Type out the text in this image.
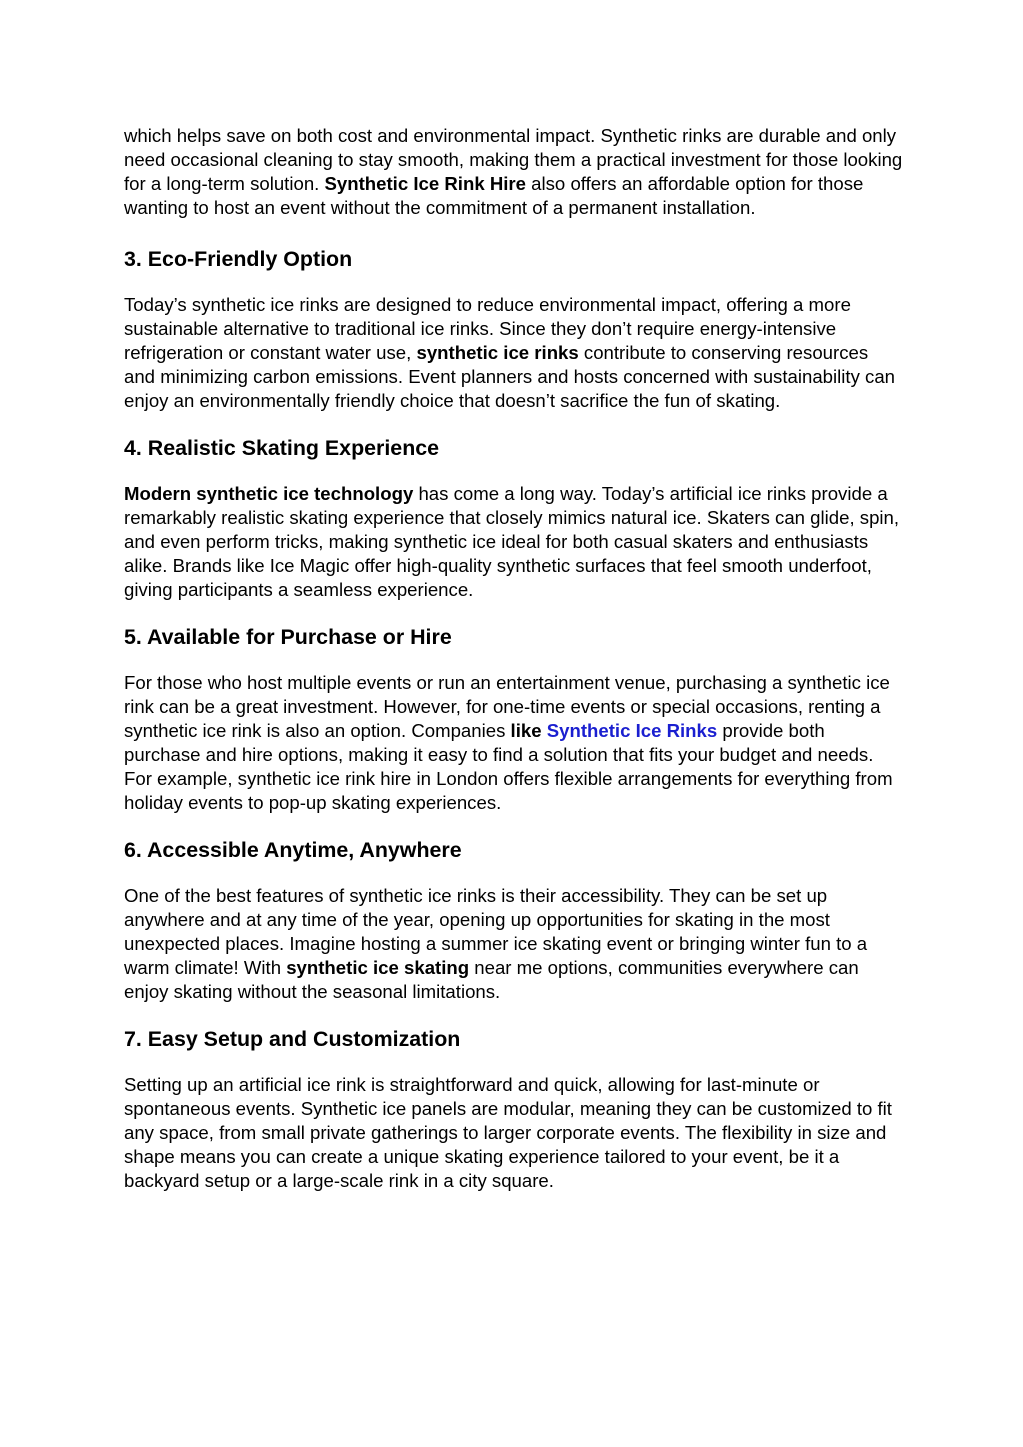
which helps save on both cost and environmental impact. Synthetic rinks are durable and only need occasional cleaning to stay smooth, making them a practical investment for those looking for a long-term solution. Synthetic Ice Rink Hire also offers an affordable option for those wanting to host an event without the commitment of a permanent installation.

3. Eco-Friendly Option

Today’s synthetic ice rinks are designed to reduce environmental impact, offering a more sustainable alternative to traditional ice rinks. Since they don’t require energy-intensive refrigeration or constant water use, synthetic ice rinks contribute to conserving resources and minimizing carbon emissions. Event planners and hosts concerned with sustainability can enjoy an environmentally friendly choice that doesn’t sacrifice the fun of skating.

4. Realistic Skating Experience

Modern synthetic ice technology has come a long way. Today’s artificial ice rinks provide a remarkably realistic skating experience that closely mimics natural ice. Skaters can glide, spin, and even perform tricks, making synthetic ice ideal for both casual skaters and enthusiasts alike. Brands like Ice Magic offer high-quality synthetic surfaces that feel smooth underfoot, giving participants a seamless experience.

5. Available for Purchase or Hire

For those who host multiple events or run an entertainment venue, purchasing a synthetic ice rink can be a great investment. However, for one-time events or special occasions, renting a synthetic ice rink is also an option. Companies like Synthetic Ice Rinks provide both purchase and hire options, making it easy to find a solution that fits your budget and needs. For example, synthetic ice rink hire in London offers flexible arrangements for everything from holiday events to pop-up skating experiences.

6. Accessible Anytime, Anywhere

One of the best features of synthetic ice rinks is their accessibility. They can be set up anywhere and at any time of the year, opening up opportunities for skating in the most unexpected places. Imagine hosting a summer ice skating event or bringing winter fun to a warm climate! With synthetic ice skating near me options, communities everywhere can enjoy skating without the seasonal limitations.

7. Easy Setup and Customization

Setting up an artificial ice rink is straightforward and quick, allowing for last-minute or spontaneous events. Synthetic ice panels are modular, meaning they can be customized to fit any space, from small private gatherings to larger corporate events. The flexibility in size and shape means you can create a unique skating experience tailored to your event, be it a backyard setup or a large-scale rink in a city square.
